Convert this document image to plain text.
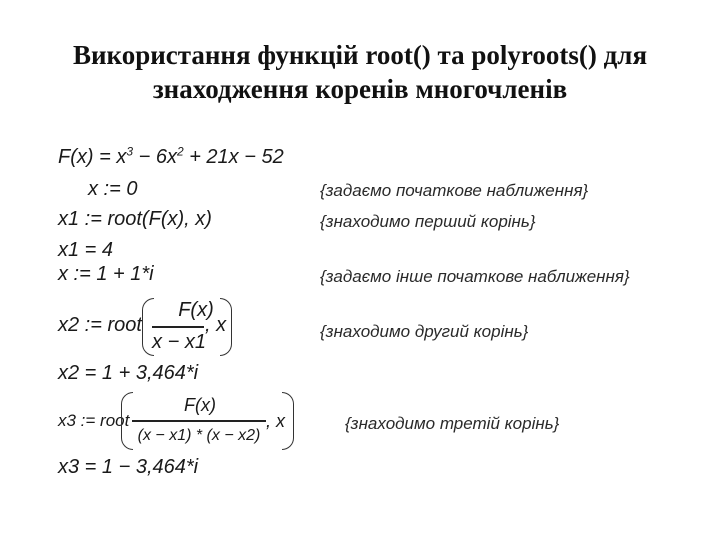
Використання функцій root() та polyroots() для
знаходження коренів многочленів
$F(x) = x^3 - 6x^2 + 21x - 52$
x := 0	{задаємо початкове наближення}
x1 := root(F(x), x)	{знаходимо перший корінь}
x1 = 4
x := 1 + 1*i	{задаємо інше початкове наближення}
x2 := root
F(x)
x − x1
, x	{знаходимо другий корінь}
x2 = 1 + 3,464*i
x3 := root
F(x)
(x − x1) * (x − x2)
, x	{знаходимо третій корінь}
x3 = 1 − 3,464*i
